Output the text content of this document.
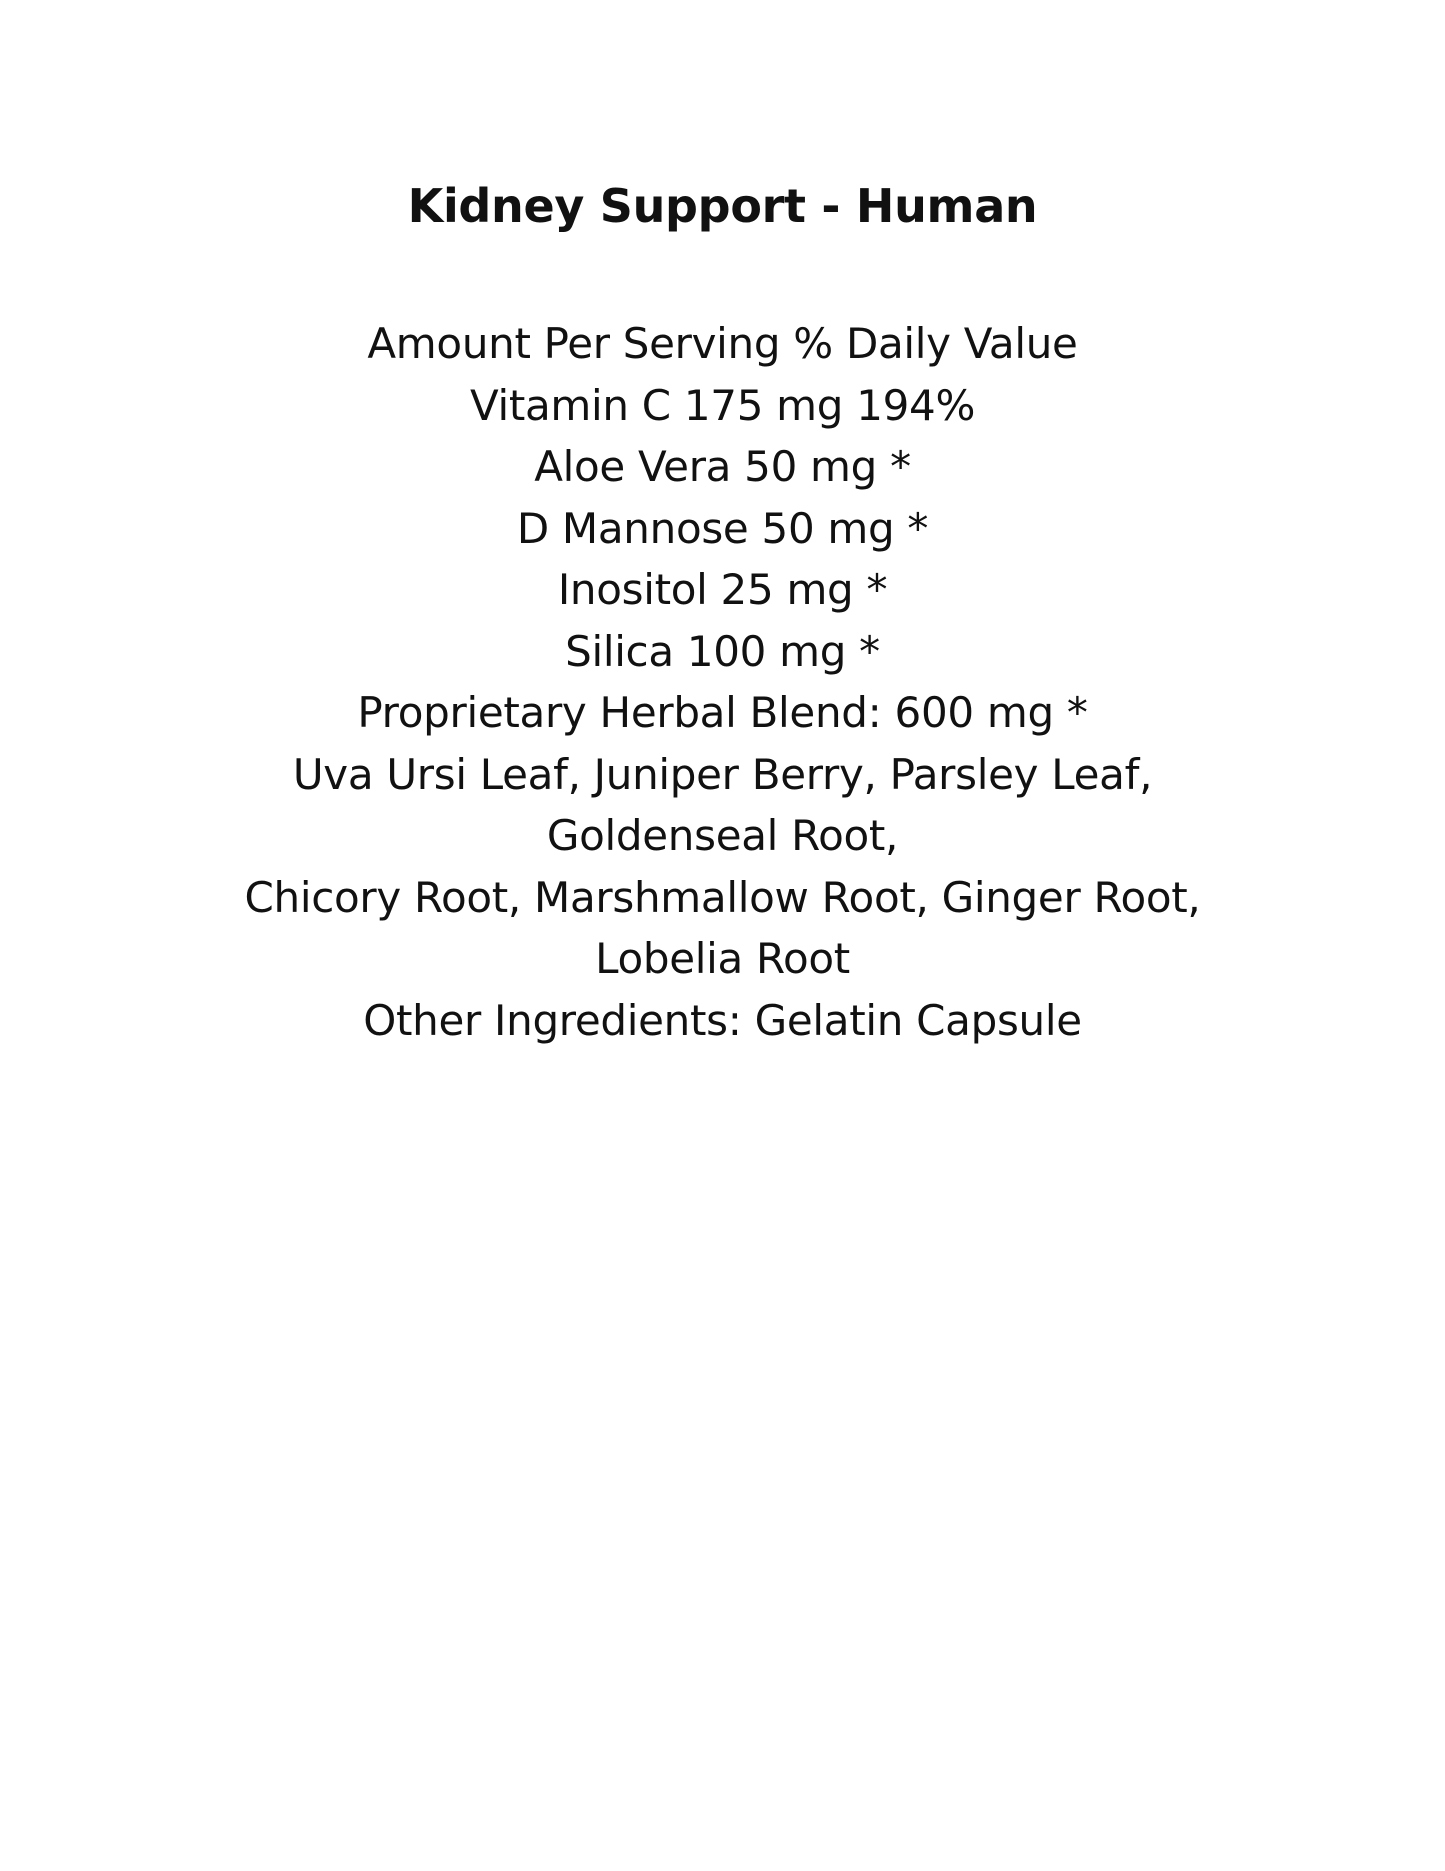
Kidney Support - Human
Amount Per Serving % Daily Value
Vitamin C 175 mg 194%
Aloe Vera 50 mg *
D Mannose 50 mg *
Inositol 25 mg *
Silica 100 mg *
Proprietary Herbal Blend: 600 mg *
Uva Ursi Leaf, Juniper Berry, Parsley Leaf,
Goldenseal Root,
Chicory Root, Marshmallow Root, Ginger Root,
Lobelia Root
Other Ingredients: Gelatin Capsule
